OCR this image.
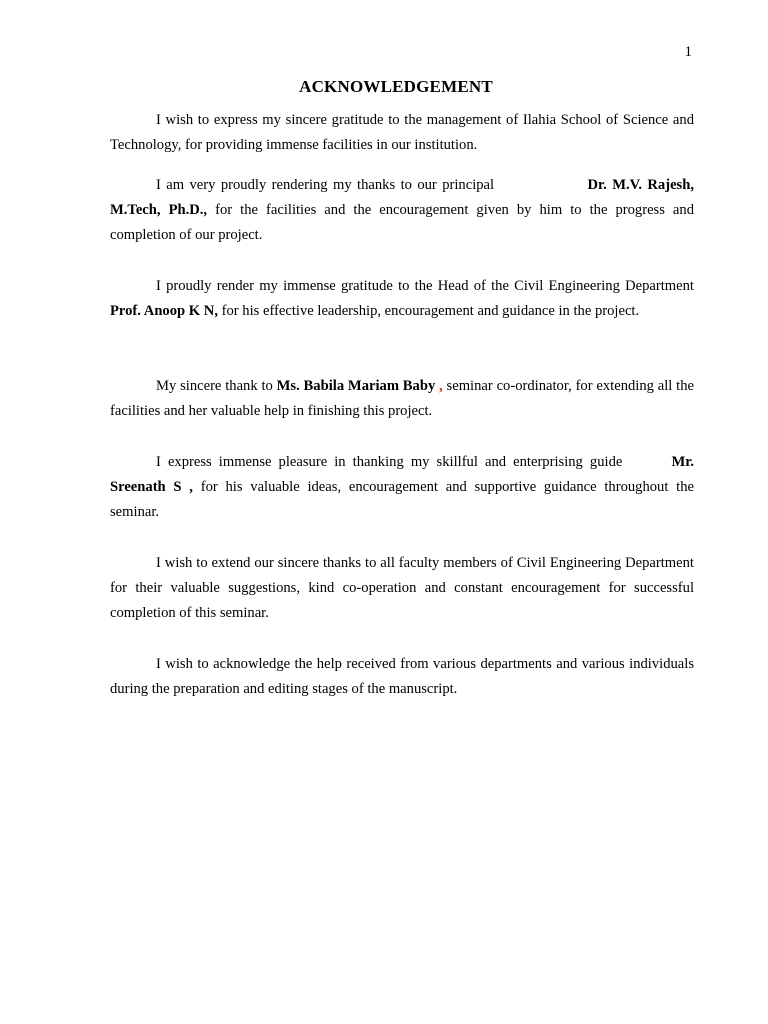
1
ACKNOWLEDGEMENT

I wish to express my sincere gratitude to the management of Ilahia School of Science and Technology, for providing immense facilities in our institution.

I am very proudly rendering my thanks to our principal	Dr. M.V. Rajesh, M.Tech, Ph.D., for the facilities and the encouragement given by him to the progress and completion of our project.

I proudly render my immense gratitude to the Head of the Civil Engineering Department Prof. Anoop K N, for his effective leadership, encouragement and guidance in the project.

My sincere thank to Ms. Babila Mariam Baby , seminar co-ordinator, for extending all the facilities and her valuable help in finishing this project.

I express immense pleasure in thanking my skillful and enterprising guide	Mr. Sreenath S , for his valuable ideas, encouragement and supportive guidance throughout the seminar.

I wish to extend our sincere thanks to all faculty members of Civil Engineering Department for their valuable suggestions, kind co-operation and constant encouragement for successful completion of this seminar.

I wish to acknowledge the help received from various departments and various individuals during the preparation and editing stages of the manuscript.
